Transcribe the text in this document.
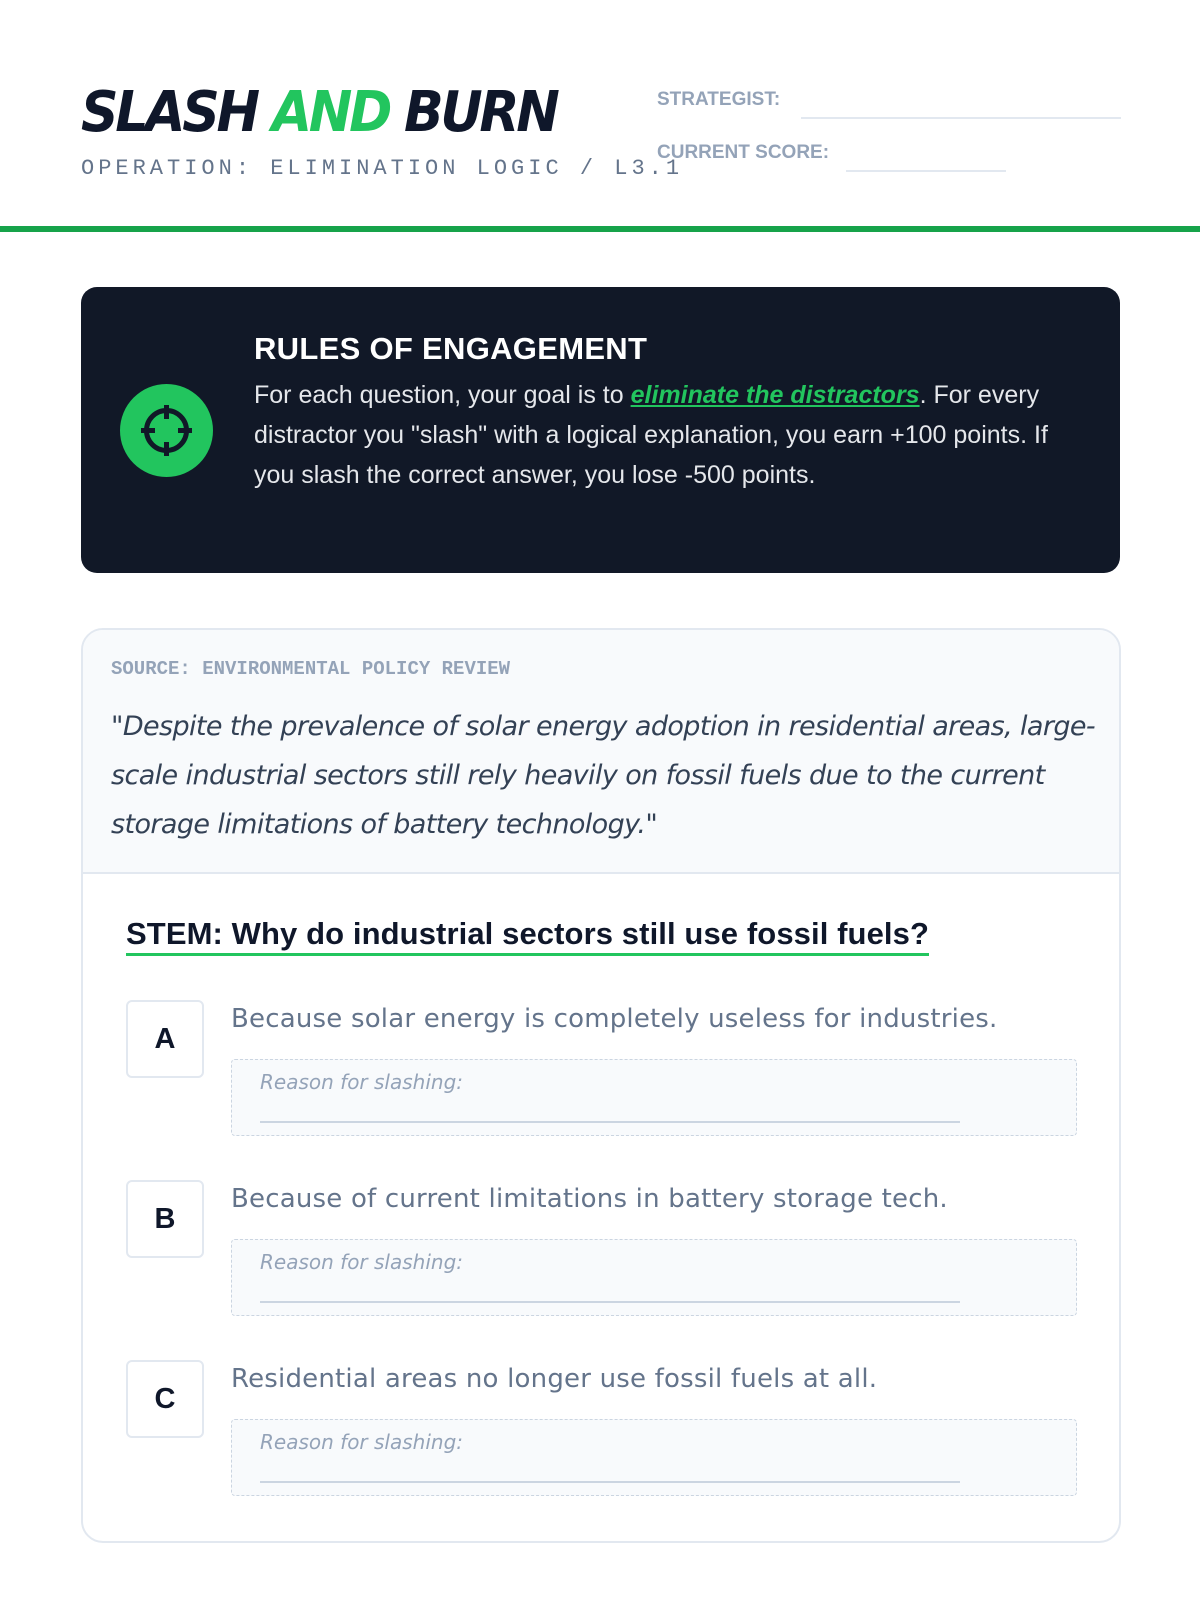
SLASH AND BURN
OPERATION: ELIMINATION LOGIC / L3.1
STRATEGIST:
CURRENT SCORE:
RULES OF ENGAGEMENT

For each question, your goal is to eliminate the distractors. For every distractor you "slash" with a logical explanation, you earn +100 points. If you slash the correct answer, you lose -500 points.

SOURCE: ENVIRONMENTAL POLICY REVIEW

"Despite the prevalence of solar energy adoption in residential areas, large-scale industrial sectors still rely heavily on fossil fuels due to the current storage limitations of battery technology."

STEM: Why do industrial sectors still use fossil fuels?
A
Because solar energy is completely useless for industries.
Reason for slashing:
B
Because of current limitations in battery storage tech.
Reason for slashing:
C
Residential areas no longer use fossil fuels at all.
Reason for slashing:
